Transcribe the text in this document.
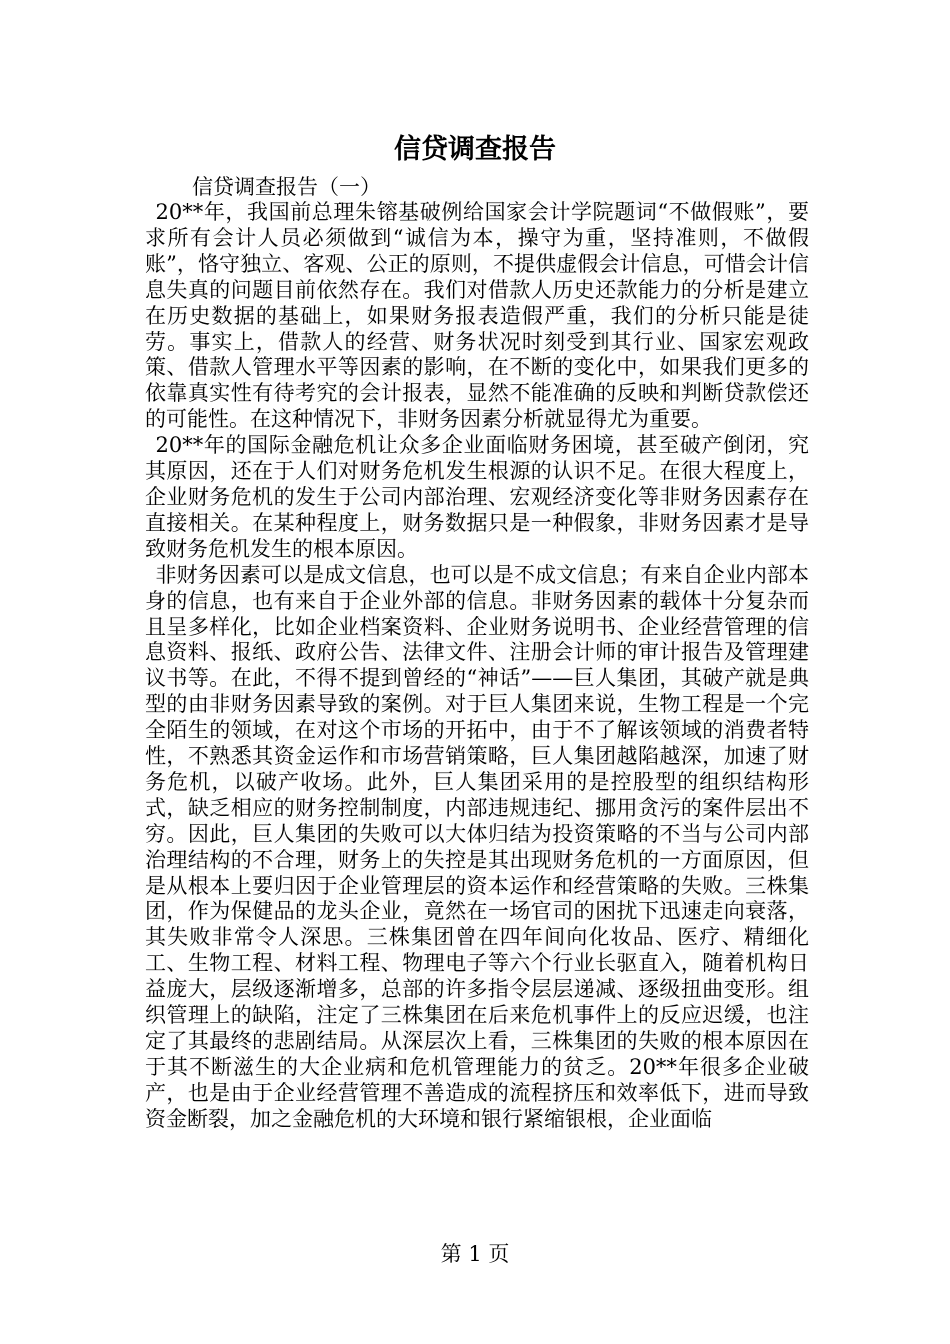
信贷调查报告
信贷调查报告（一）

20**年，我国前总理朱镕基破例给国家会计学院题词“不做假账”，要求所有会计人员必须做到“诚信为本，操守为重，坚持准则，不做假账”，恪守独立、客观、公正的原则，不提供虚假会计信息，可惜会计信息失真的问题目前依然存在。我们对借款人历史还款能力的分析是建立在历史数据的基础上，如果财务报表造假严重，我们的分析只能是徒劳。事实上，借款人的经营、财务状况时刻受到其行业、国家宏观政策、借款人管理水平等因素的影响，在不断的变化中，如果我们更多的依靠真实性有待考究的会计报表，显然不能准确的反映和判断贷款偿还的可能性。在这种情况下，非财务因素分析就显得尤为重要。

20**年的国际金融危机让众多企业面临财务困境，甚至破产倒闭，究其原因，还在于人们对财务危机发生根源的认识不足。在很大程度上，企业财务危机的发生于公司内部治理、宏观经济变化等非财务因素存在直接相关。在某种程度上，财务数据只是一种假象，非财务因素才是导致财务危机发生的根本原因。

非财务因素可以是成文信息，也可以是不成文信息；有来自企业内部本身的信息，也有来自于企业外部的信息。非财务因素的载体十分复杂而且呈多样化，比如企业档案资料、企业财务说明书、企业经营管理的信息资料、报纸、政府公告、法律文件、注册会计师的审计报告及管理建议书等。在此，不得不提到曾经的“神话”——巨人集团，其破产就是典型的由非财务因素导致的案例。对于巨人集团来说，生物工程是一个完全陌生的领域，在对这个市场的开拓中，由于不了解该领域的消费者特性，不熟悉其资金运作和市场营销策略，巨人集团越陷越深，加速了财务危机，以破产收场。此外，巨人集团采用的是控股型的组织结构形式，缺乏相应的财务控制制度，内部违规违纪、挪用贪污的案件层出不穷。因此，巨人集团的失败可以大体归结为投资策略的不当与公司内部治理结构的不合理，财务上的失控是其出现财务危机的一方面原因，但是从根本上要归因于企业管理层的资本运作和经营策略的失败。三株集团，作为保健品的龙头企业，竟然在一场官司的困扰下迅速走向衰落，其失败非常令人深思。三株集团曾在四年间向化妆品、医疗、精细化工、生物工程、材料工程、物理电子等六个行业长驱直入，随着机构日益庞大，层级逐渐增多，总部的许多指令层层递减、逐级扭曲变形。组织管理上的缺陷，注定了三株集团在后来危机事件上的反应迟缓，也注定了其最终的悲剧结局。从深层次上看，三株集团的失败的根本原因在于其不断滋生的大企业病和危机管理能力的贫乏。20**年很多企业破产，也是由于企业经营管理不善造成的流程挤压和效率低下，进而导致资金断裂，加之金融危机的大环境和银行紧缩银根，企业面临

第 1 页
